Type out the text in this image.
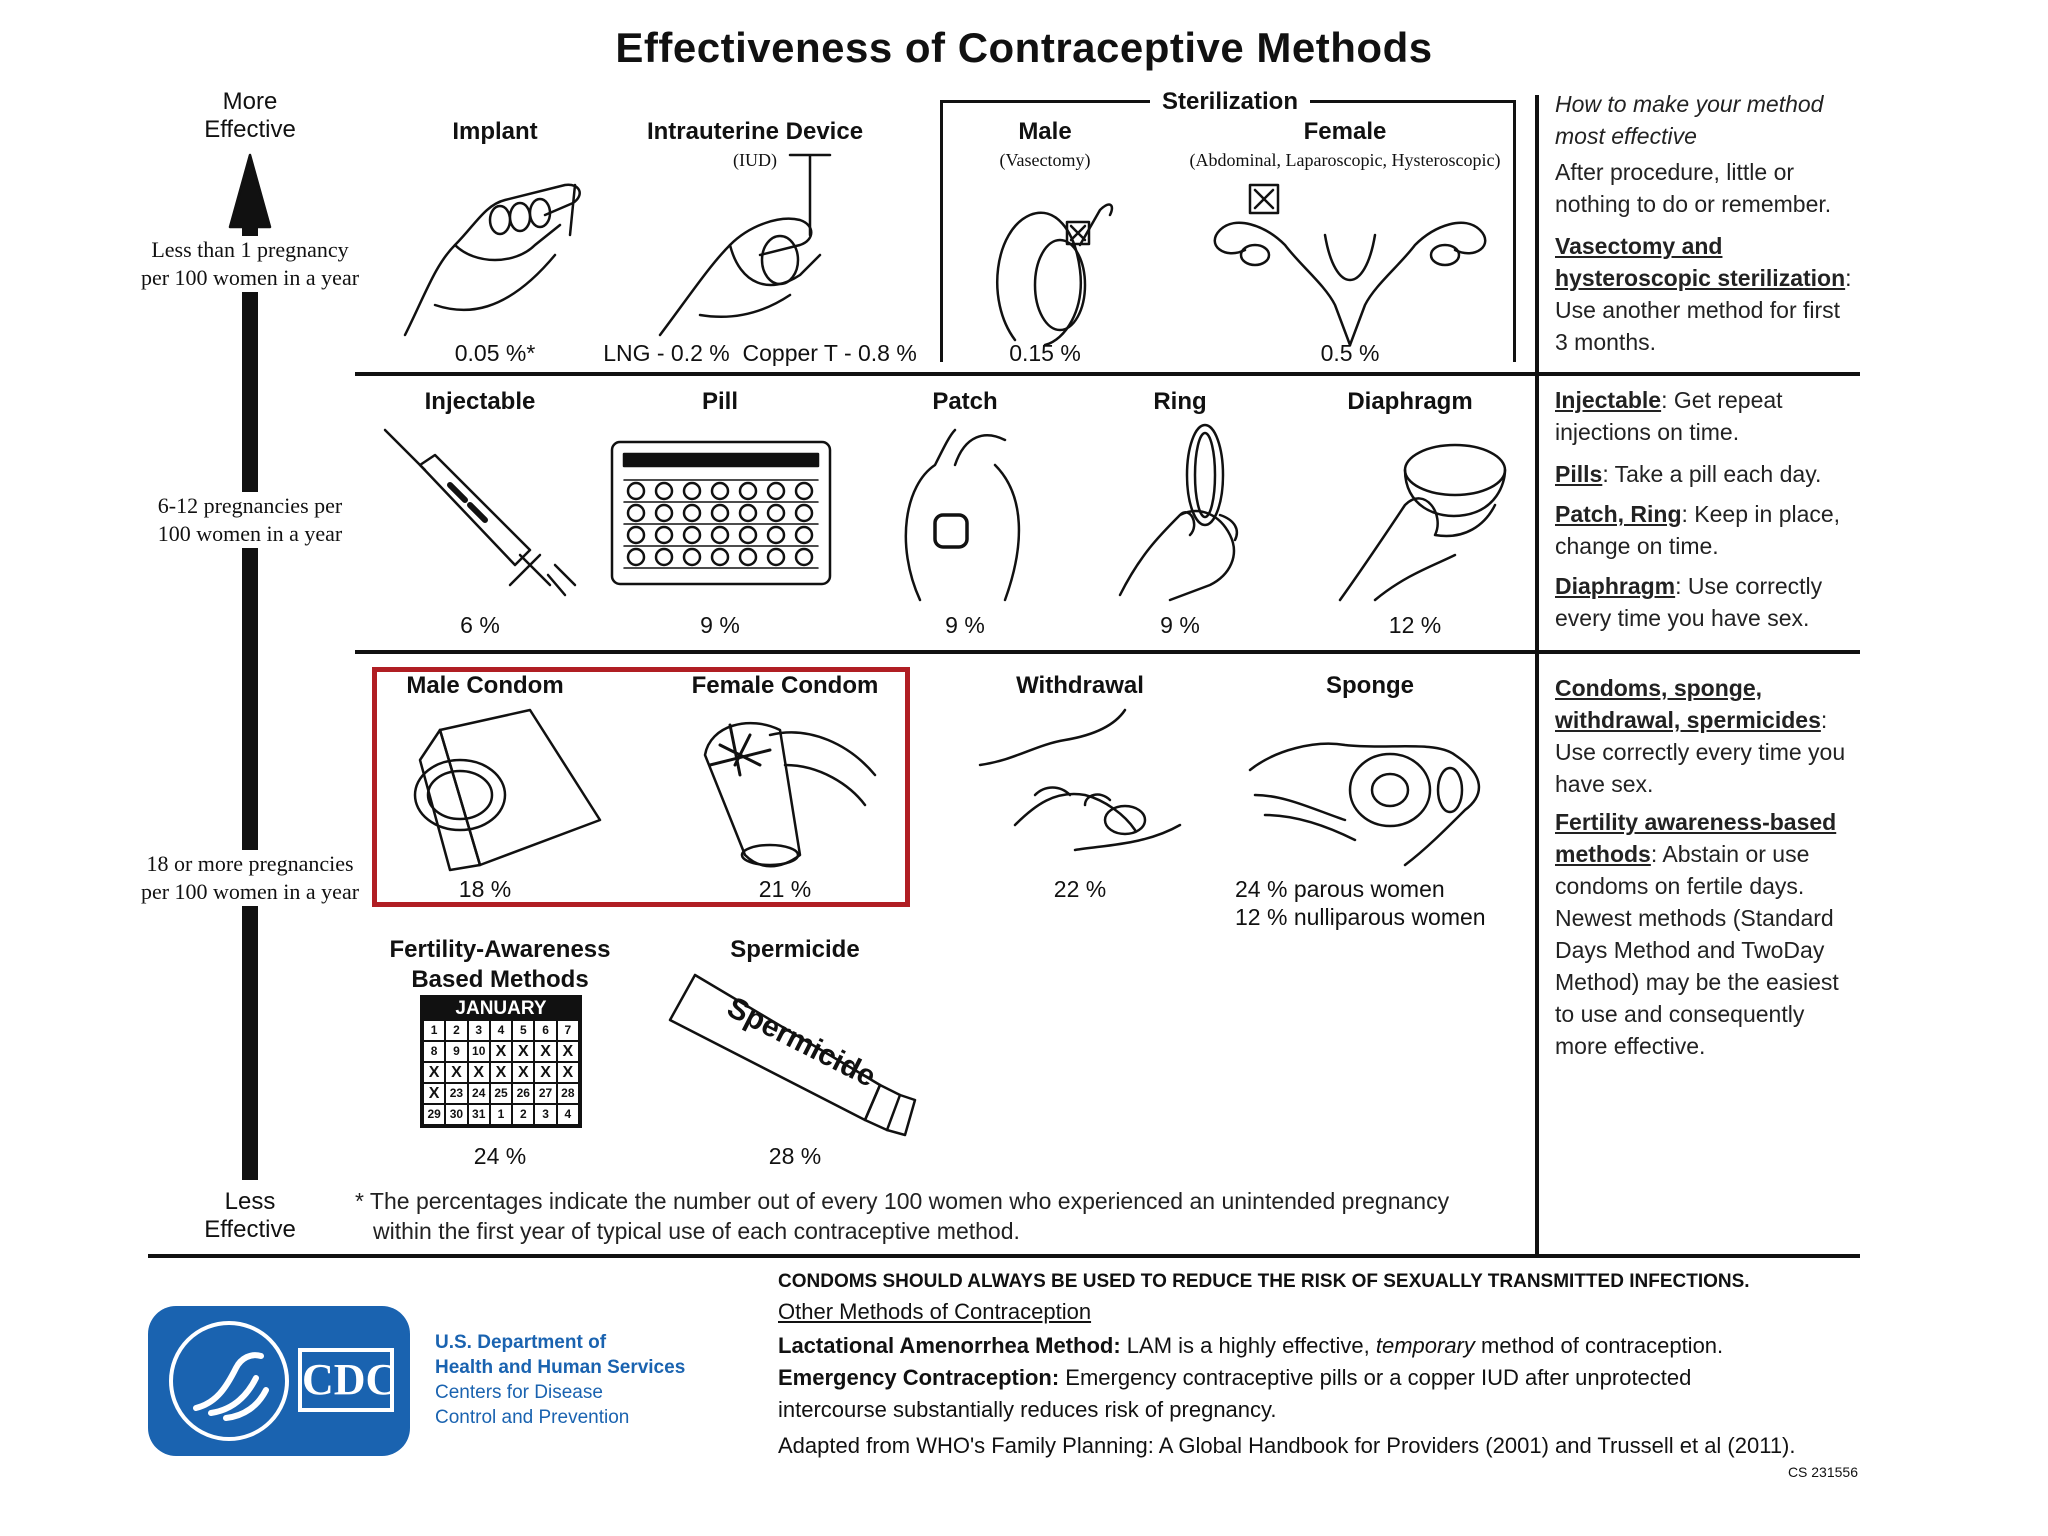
Effectiveness of Contraceptive Methods
More Effective
Less than 1 pregnancy per 100 women in a year
6-12 pregnancies per 100 women in a year
18 or more pregnancies per 100 women in a year
Less Effective
Sterilization
Implant	Intrauterine Device
(IUD)
Male
(Vasectomy)
Female
(Abdominal, Laparoscopic, Hysteroscopic)
0.05 %*	LNG - 0.2 %  Copper T - 0.8 %	0.15 %	0.5 %
Injectable	Pill	Patch	Ring	Diaphragm
6 %	9 %	9 %	9 %	12 %
Male Condom	Female Condom	Withdrawal	Sponge
18 %	21 %	22 %	24 % parous women
12 % nulliparous women
Fertility-Awareness
Based Methods
Spermicide
JANUARY
1	2	3	4	5	6	7
8	9	10 X X X X
X X X X X X X
X 23 24 25 26 27 28
29 30 31	1	2	3	4
Spermicide
24 %	28 %
* The percentages indicate the number out of every 100 women who experienced an unintended pregnancy
within the first year of typical use of each contraceptive method.
How to make your method
most effective
After procedure, little or nothing to do or remember.
Vasectomy and
hysteroscopic sterilization: Use another method for first 3 months.
Injectable: Get repeat injections on time.
Pills: Take a pill each day.
Patch, Ring: Keep in place, change on time.
Diaphragm: Use correctly every time you have sex.
Condoms, sponge,
withdrawal, spermicides: Use correctly every time you have sex.
Fertility awareness-based
methods: Abstain or use condoms on fertile days. Newest methods (Standard Days Method and TwoDay Method) may be the easiest to use and consequently more effective.
CDC
U.S. Department of
Health and Human Services
Centers for Disease
Control and Prevention
CONDOMS SHOULD ALWAYS BE USED TO REDUCE THE RISK OF SEXUALLY TRANSMITTED INFECTIONS.
Other Methods of Contraception
Lactational Amenorrhea Method: LAM is a highly effective, temporary method of contraception.
Emergency Contraception: Emergency contraceptive pills or a copper IUD after unprotected
intercourse substantially reduces risk of pregnancy.
Adapted from WHO's Family Planning: A Global Handbook for Providers (2001) and Trussell et al (2011).
CS 231556
